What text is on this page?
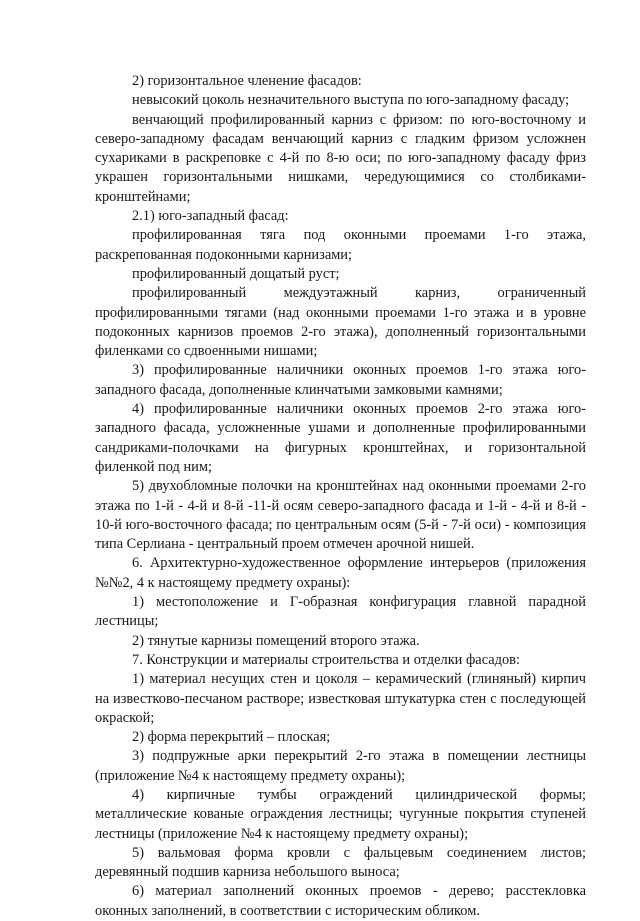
2) горизонтальное членение фасадов:

невысокий цоколь незначительного выступа по юго-западному фасаду;

венчающий профилированный карниз с фризом: по юго-восточному и северо-западному фасадам венчающий карниз с гладким фризом усложнен сухариками в раскреповке с 4-й по 8-ю оси; по юго-западному фасаду фриз украшен горизонтальными нишками, чередующимися со столбиками-кронштейнами;

2.1) юго-западный фасад:

профилированная тяга под оконными проемами 1-го этажа, раскрепованная подоконными карнизами;

профилированный дощатый руст;

профилированный междуэтажный карниз, ограниченный профилированными тягами (над оконными проемами 1-го этажа и в уровне подоконных карнизов проемов 2-го этажа), дополненный горизонтальными филенками со сдвоенными нишами;

3) профилированные наличники оконных проемов 1-го этажа юго-западного фасада, дополненные клинчатыми замковыми камнями;

4) профилированные наличники оконных проемов 2-го этажа юго-западного фасада, усложненные ушами и дополненные профилированными сандриками-полочками на фигурных кронштейнах, и горизонтальной филенкой под ним;

5) двухобломные полочки на кронштейнах над оконными проемами 2-го этажа по 1-й - 4-й и 8-й -11-й осям северо-западного фасада и 1-й - 4-й и 8-й - 10-й юго-восточного фасада; по центральным осям (5-й - 7-й оси) - композиция типа Серлиана - центральный проем отмечен арочной нишей.

6. Архитектурно-художественное оформление интерьеров (приложения №№2, 4 к настоящему предмету охраны):

1) местоположение и Г-образная конфигурация главной парадной лестницы;

2) тянутые карнизы помещений второго этажа.

7. Конструкции и материалы строительства и отделки фасадов:

1) материал несущих стен и цоколя – керамический (глиняный) кирпич на известково-песчаном растворе; известковая штукатурка стен с последующей окраской;

2) форма перекрытий – плоская;

3) подпружные арки перекрытий 2-го этажа в помещении лестницы (приложение №4 к настоящему предмету охраны);

4) кирпичные тумбы ограждений цилиндрической формы; металлические кованые ограждения лестницы; чугунные покрытия ступеней лестницы (приложение №4 к настоящему предмету охраны);

5) вальмовая форма кровли с фальцевым соединением листов; деревянный подшив карниза небольшого выноса;

6) материал заполнений оконных проемов - дерево; расстекловка оконных заполнений, в соответствии с историческим обликом.
